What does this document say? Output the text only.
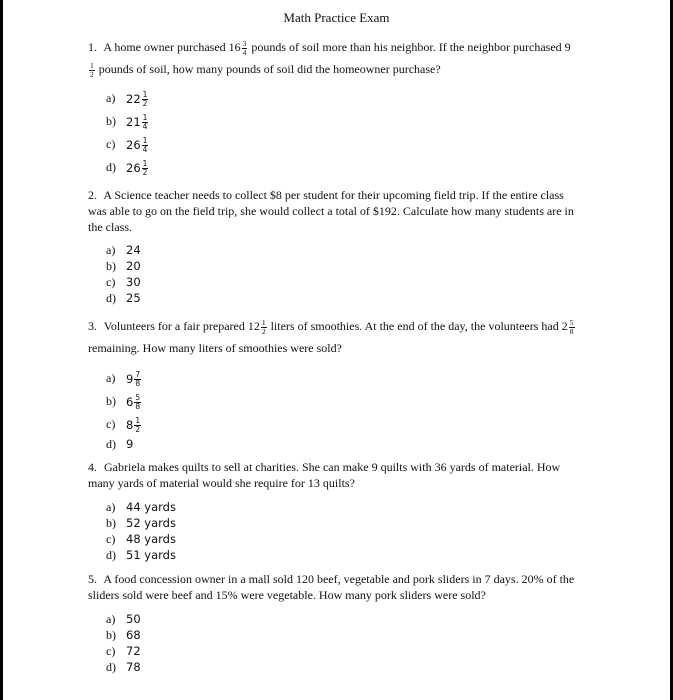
Math Practice Exam
1. A home owner purchased $16 \frac{3}{4}$ pounds of soil more than his neighbor. If the neighbor purchased 9
$\frac{1}{2}$ pounds of soil, how many pounds of soil did the homeowner purchase?
a) $22 \frac{1}{2}$
b) $21 \frac{1}{4}$
c) $26 \frac{1}{4}$
d) $26 \frac{1}{2}$
2. A Science teacher needs to collect $8 per student for their upcoming field trip. If the entire class was able to go on the field trip, she would collect a total of $192. Calculate how many students are in the class.
a) 24
b) 20
c) 30
d) 25
3. Volunteers for a fair prepared $12 \frac{1}{2}$ liters of smoothies. At the end of the day, the volunteers had $2 \frac{5}{8}$
remaining. How many liters of smoothies were sold?
a) $9 \frac{7}{8}$
b) $6 \frac{5}{8}$
c) $8 \frac{1}{2}$
d) 9
4. Gabriela makes quilts to sell at charities. She can make 9 quilts with 36 yards of material. How many yards of material would she require for 13 quilts?
a) 44 yards
b) 52 yards
c) 48 yards
d) 51 yards
5. A food concession owner in a mall sold 120 beef, vegetable and pork sliders in 7 days. 20% of the sliders sold were beef and 15% were vegetable. How many pork sliders were sold?
a) 50
b) 68
c) 72
d) 78
